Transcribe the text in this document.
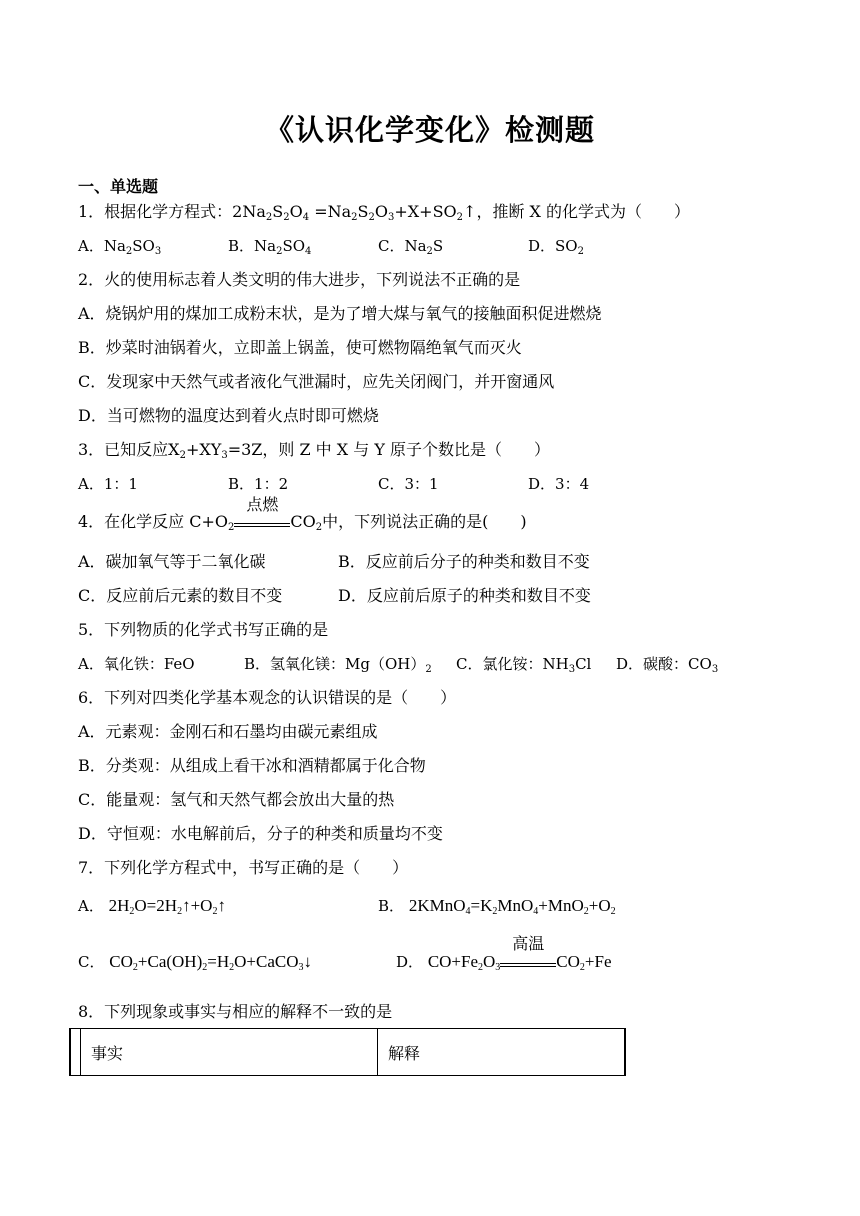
《认识化学变化》检测题
一、单选题
1．根据化学方程式：$2Na_2S_2O_4$ $=Na_2S_2O_3+X+SO_2↑$，推断 X 的化学式为（　　）
A．$Na_2SO_3$	B．$Na_2SO_4$	C．$Na_2S$	D．$SO_2$
2．火的使用标志着人类文明的伟大进步，下列说法不正确的是
A．烧锅炉用的煤加工成粉末状，是为了增大煤与氧气的接触面积促进燃烧
B．炒菜时油锅着火，立即盖上锅盖，使可燃物隔绝氧气而灭火
C．发现家中天然气或者液化气泄漏时，应先关闭阀门，并开窗通风
D．当可燃物的温度达到着火点时即可燃烧
3．已知反应$X_2+XY_3=3Z$，则 Z 中 X 与 Y 原子个数比是（　　）
A．1：1	B．1：2	C．3：1	D．3：4
4．在化学反应 $C+O_2$
点燃
$CO_2$中，下列说法正确的是(　　)
A．碳加氧气等于二氧化碳	B．反应前后分子的种类和数目不变
C．反应前后元素的数目不变	D．反应前后原子的种类和数目不变
5．下列物质的化学式书写正确的是
A．氧化铁：FeO	B．氢氧化镁：$Mg(OH)_2$ C．氯化铵：$NH_3Cl$ D．碳酸：$CO_3$
6．下列对四类化学基本观念的认识错误的是（　　）
A．元素观：金刚石和石墨均由碳元素组成
B．分类观：从组成上看干冰和酒精都属于化合物
C．能量观：氢气和天然气都会放出大量的热
D．守恒观：水电解前后，分子的种类和质量均不变
7．下列化学方程式中，书写正确的是（　　）
A． $2H_2O=2H_2↑+O_2↑$	B． $2KMnO_4=K_2MnO_4+MnO_2+O_2$
C． $CO_2+Ca(OH)_2=H_2O+CaCO_3↓$	D． $CO+Fe_2O_3$
高温
$CO_2+Fe$
8．下列现象或事实与相应的解释不一致的是
	事实	解释
